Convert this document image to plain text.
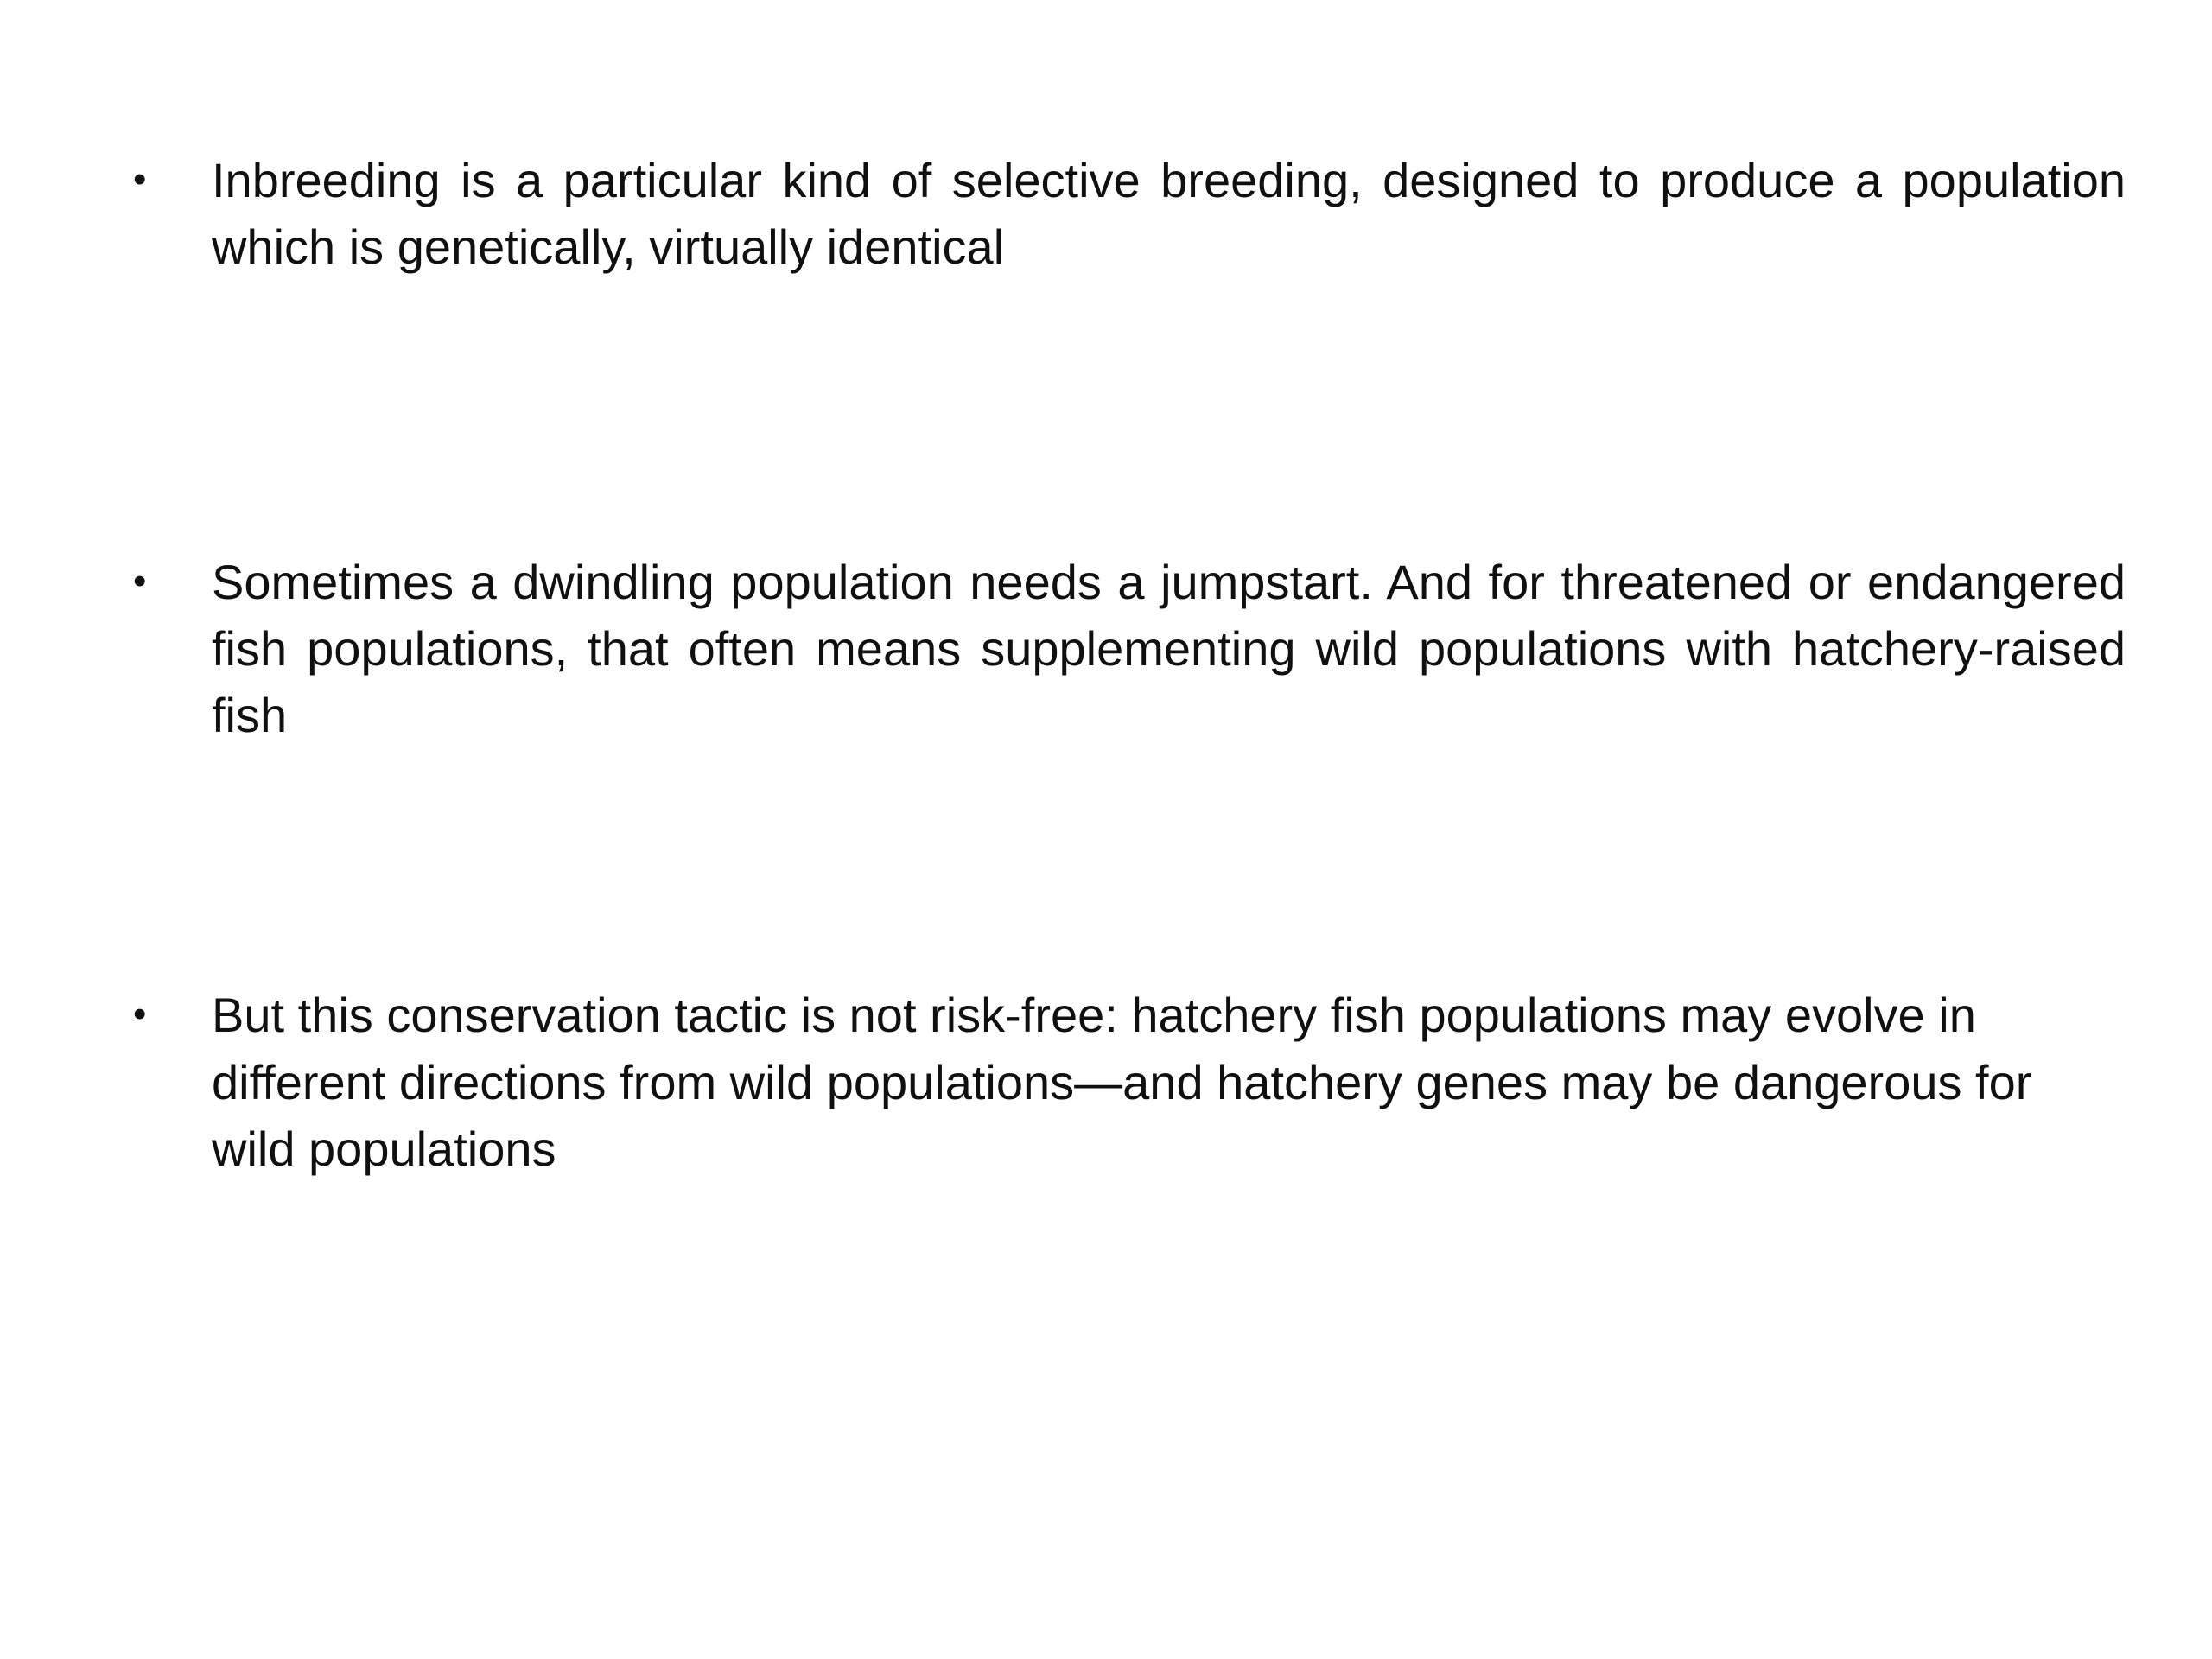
•	Inbreeding is a particular kind of selective breeding, designed to produce a population which is genetically, virtually identical
•	Sometimes a dwindling population needs a jumpstart. And for threatened or endangered fish populations, that often means supplementing wild populations with hatchery-raised fish
•	But this conservation tactic is not risk-free: hatchery fish populations may evolve in different directions from wild populations—and hatchery genes may be dangerous for wild populations
